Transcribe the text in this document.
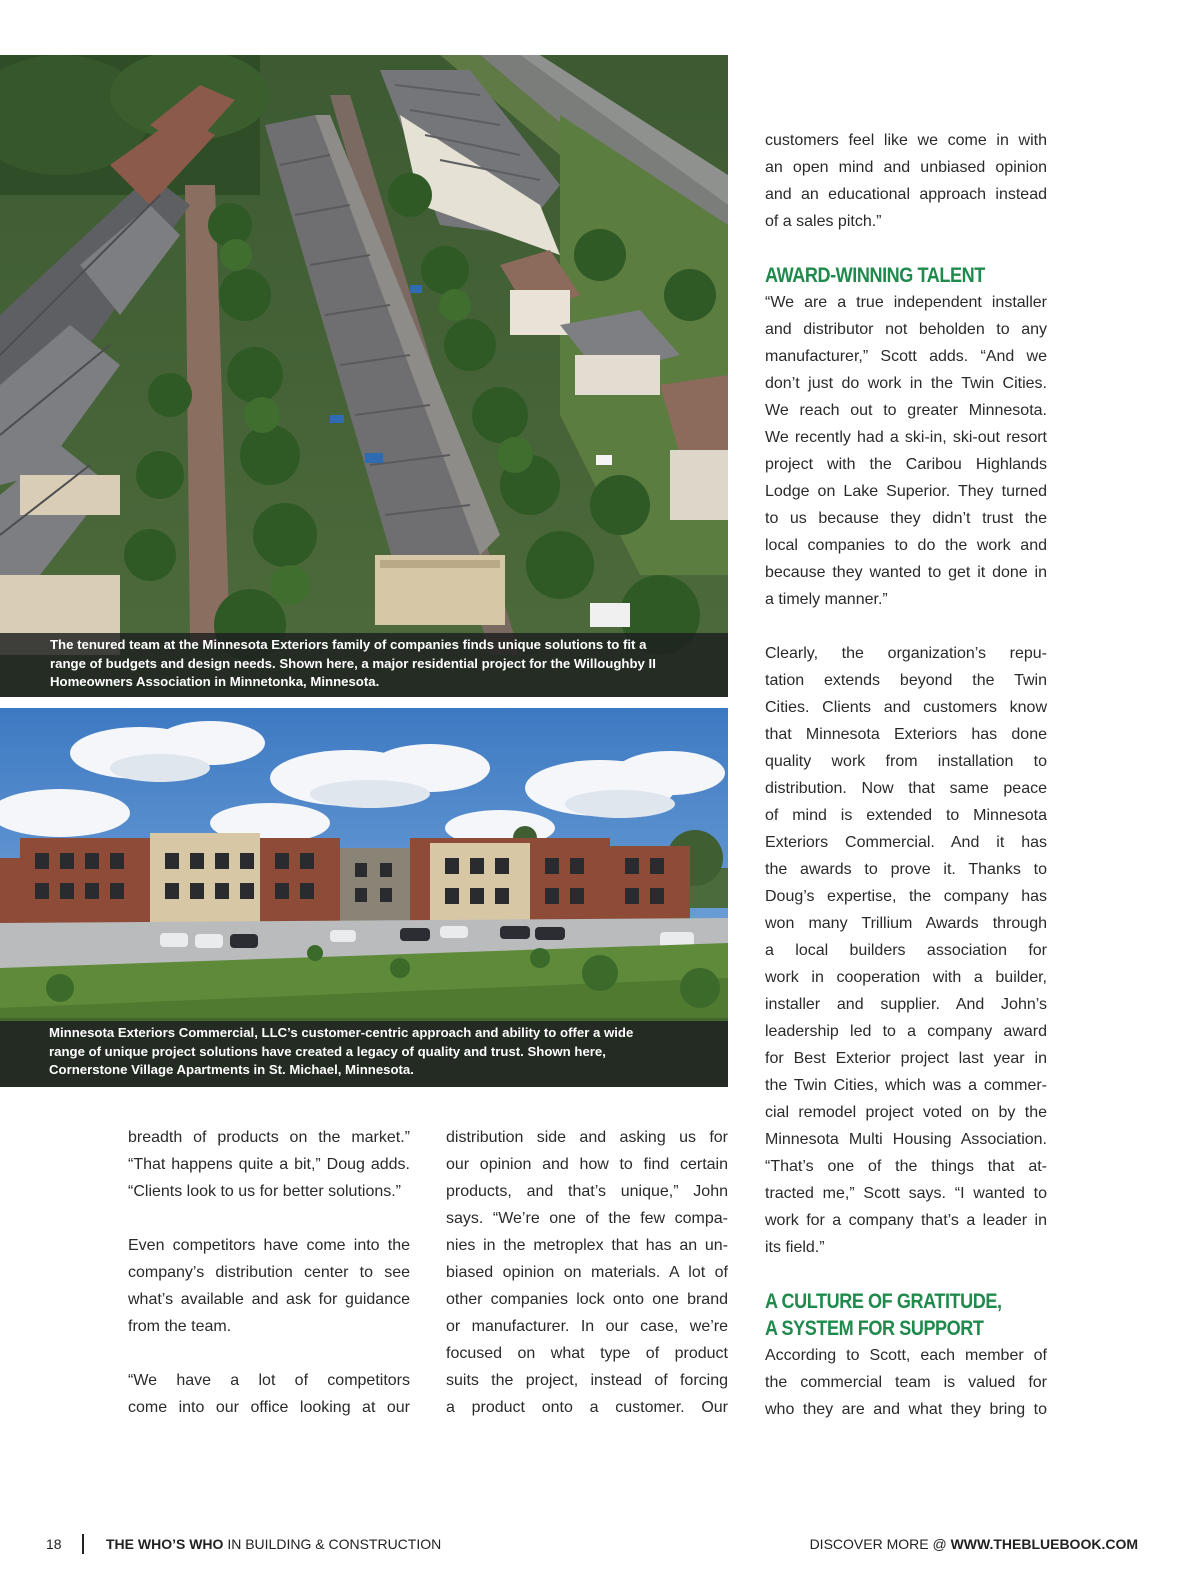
The tenured team at the Minnesota Exteriors family of companies finds unique solutions to fit a
range of budgets and design needs. Shown here, a major residential project for the Willoughby II
Homeowners Association in Minnetonka, Minnesota.
Minnesota Exteriors Commercial, LLC’s customer-centric approach and ability to offer a wide
range of unique project solutions have created a legacy of quality and trust. Shown here,
Cornerstone Village Apartments in St. Michael, Minnesota.
breadth of products on the market.”
“That happens quite a bit,” Doug adds.
“Clients look to us for better solutions.”
Even competitors have come into the
company’s distribution center to see
what’s available and ask for guidance
from the team.
“We have a lot of competitors
come into our office looking at our
distribution side and asking us for
our opinion and how to find certain
products, and that’s unique,” John
says. “We’re one of the few compa-
nies in the metroplex that has an un-
biased opinion on materials. A lot of
other companies lock onto one brand
or manufacturer. In our case, we’re
focused on what type of product
suits the project, instead of forcing
a product onto a customer. Our
customers feel like we come in with
an open mind and unbiased opinion
and an educational approach instead
of a sales pitch.”
AWARD-WINNING TALENT
“We are a true independent installer
and distributor not beholden to any
manufacturer,” Scott adds. “And we
don’t just do work in the Twin Cities.
We reach out to greater Minnesota.
We recently had a ski-in, ski-out resort
project with the Caribou Highlands
Lodge on Lake Superior. They turned
to us because they didn’t trust the
local companies to do the work and
because they wanted to get it done in
a timely manner.”
Clearly, the organization’s repu-
tation extends beyond the Twin
Cities. Clients and customers know
that Minnesota Exteriors has done
quality work from installation to
distribution. Now that same peace
of mind is extended to Minnesota
Exteriors Commercial. And it has
the awards to prove it. Thanks to
Doug’s expertise, the company has
won many Trillium Awards through
a local builders association for
work in cooperation with a builder,
installer and supplier. And John’s
leadership led to a company award
for Best Exterior project last year in
the Twin Cities, which was a commer-
cial remodel project voted on by the
Minnesota Multi Housing Association.
“That’s one of the things that at-
tracted me,” Scott says. “I wanted to
work for a company that’s a leader in
its field.”
A CULTURE OF GRATITUDE,
A SYSTEM FOR SUPPORT
According to Scott, each member of
the commercial team is valued for
who they are and what they bring to
18	THE WHO’S WHO IN BUILDING & CONSTRUCTION	DISCOVER MORE @ WWW.THEBLUEBOOK.COM
